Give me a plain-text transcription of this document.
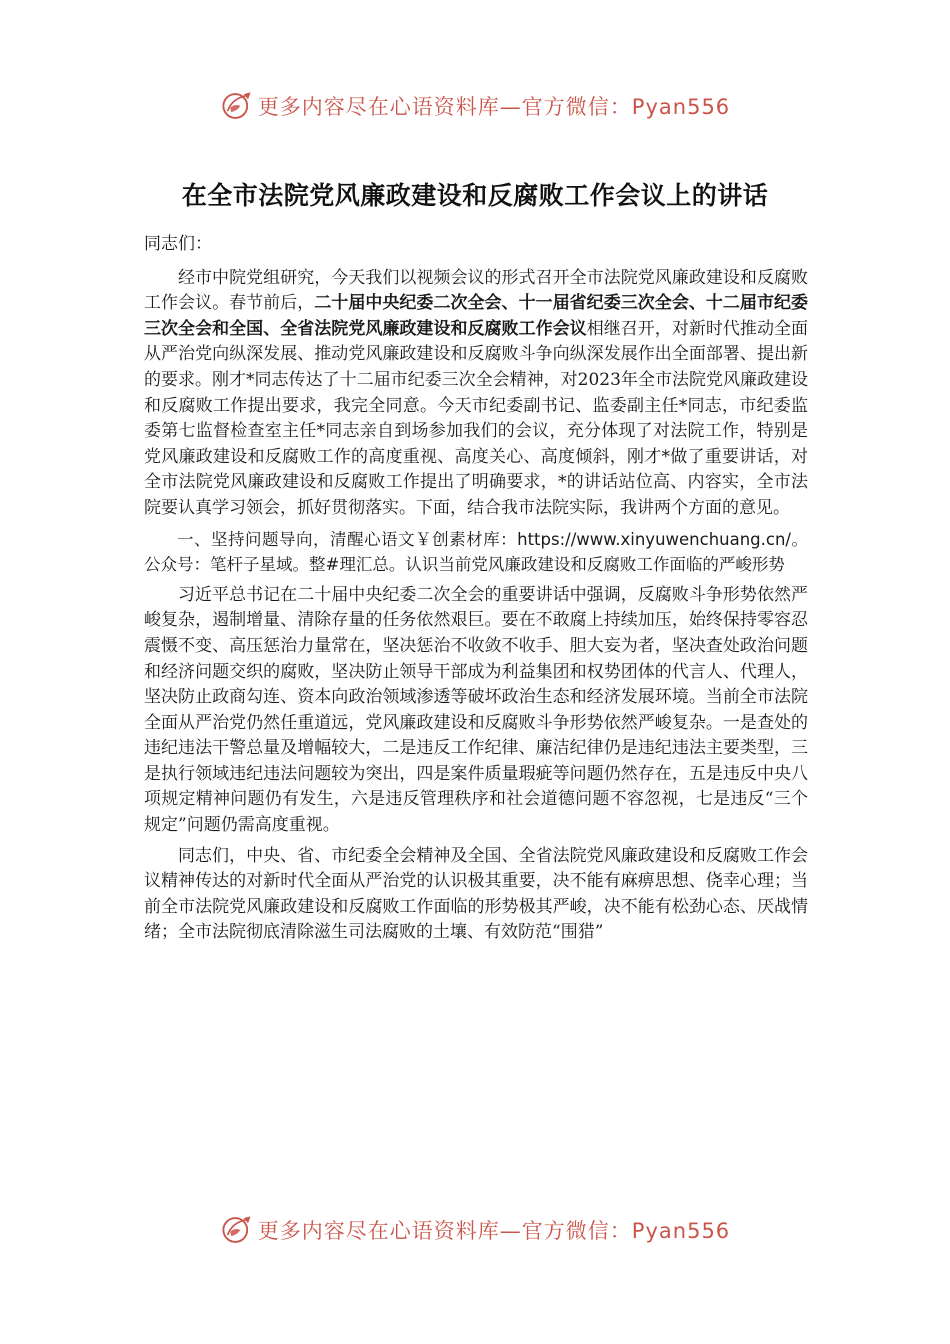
更多内容尽在心语资料库—官方微信：Pyan556
在全市法院党风廉政建设和反腐败工作会议上的讲话

同志们：

经市中院党组研究，今天我们以视频会议的形式召开全市法院党风廉政建设和反腐败工作会议。春节前后，二十届中央纪委二次全会、十一届省纪委三次全会、十二届市纪委三次全会和全国、全省法院党风廉政建设和反腐败工作会议相继召开，对新时代推动全面从严治党向纵深发展、推动党风廉政建设和反腐败斗争向纵深发展作出全面部署、提出新的要求。刚才*同志传达了十二届市纪委三次全会精神，对2023年全市法院党风廉政建设和反腐败工作提出要求，我完全同意。今天市纪委副书记、监委副主任*同志，市纪委监委第七监督检查室主任*同志亲自到场参加我们的会议，充分体现了对法院工作，特别是党风廉政建设和反腐败工作的高度重视、高度关心、高度倾斜，刚才*做了重要讲话，对全市法院党风廉政建设和反腐败工作提出了明确要求，*的讲话站位高、内容实，全市法院要认真学习领会，抓好贯彻落实。下面，结合我市法院实际，我讲两个方面的意见。

一、坚持问题导向，清醒心语文￥创素材库：https://www.xinyuwenchuang.cn/。公众号：笔杆子星域。整#理汇总。认识当前党风廉政建设和反腐败工作面临的严峻形势

习近平总书记在二十届中央纪委二次全会的重要讲话中强调，反腐败斗争形势依然严峻复杂，遏制增量、清除存量的任务依然艰巨。要在不敢腐上持续加压，始终保持零容忍震慑不变、高压惩治力量常在，坚决惩治不收敛不收手、胆大妄为者，坚决查处政治问题和经济问题交织的腐败，坚决防止领导干部成为利益集团和权势团体的代言人、代理人，坚决防止政商勾连、资本向政治领域渗透等破坏政治生态和经济发展环境。当前全市法院全面从严治党仍然任重道远，党风廉政建设和反腐败斗争形势依然严峻复杂。一是查处的违纪违法干警总量及增幅较大，二是违反工作纪律、廉洁纪律仍是违纪违法主要类型，三是执行领域违纪违法问题较为突出，四是案件质量瑕疵等问题仍然存在，五是违反中央八项规定精神问题仍有发生，六是违反管理秩序和社会道德问题不容忽视，七是违反“三个规定”问题仍需高度重视。

同志们，中央、省、市纪委全会精神及全国、全省法院党风廉政建设和反腐败工作会议精神传达的对新时代全面从严治党的认识极其重要，决不能有麻痹思想、侥幸心理；当前全市法院党风廉政建设和反腐败工作面临的形势极其严峻，决不能有松劲心态、厌战情绪；全市法院彻底清除滋生司法腐败的土壤、有效防范“围猎”

更多内容尽在心语资料库—官方微信：Pyan556
